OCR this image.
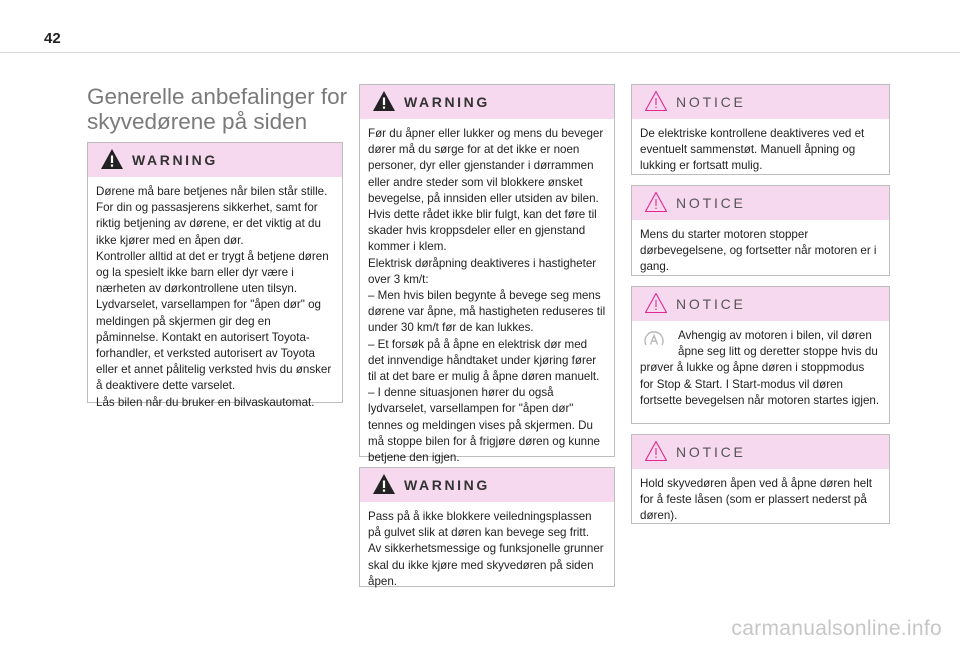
42
Generelle anbefalinger for
skyvedørene på siden
WARNING

Dørene må bare betjenes når bilen står stille. For din og passasjerens sikkerhet, samt for riktig betjening av dørene, er det viktig at du ikke kjører med en åpen dør.

Kontroller alltid at det er trygt å betjene døren og la spesielt ikke barn eller dyr være i nærheten av dørkontrollene uten tilsyn.

Lydvarselet, varsellampen for "åpen dør" og meldingen på skjermen gir deg en påminnelse. Kontakt en autorisert Toyota-forhandler, et verksted autorisert av Toyota eller et annet pålitelig verksted hvis du ønsker å deaktivere dette varselet.

Lås bilen når du bruker en bilvaskautomat.

WARNING

Før du åpner eller lukker og mens du beveger dører må du sørge for at det ikke er noen personer, dyr eller gjenstander i dørrammen eller andre steder som vil blokkere ønsket bevegelse, på innsiden eller utsiden av bilen. Hvis dette rådet ikke blir fulgt, kan det føre til skader hvis kroppsdeler eller en gjenstand kommer i klem.

Elektrisk døråpning deaktiveres i hastigheter over 3 km/t:

– Men hvis bilen begynte å bevege seg mens dørene var åpne, må hastigheten reduseres til under 30 km/t før de kan lukkes.

– Et forsøk på å åpne en elektrisk dør med det innvendige håndtaket under kjøring fører til at det bare er mulig å åpne døren manuelt.

– I denne situasjonen hører du også lydvarselet, varsellampen for "åpen dør" tennes og meldingen vises på skjermen. Du må stoppe bilen for å frigjøre døren og kunne betjene den igjen.

WARNING

Pass på å ikke blokkere veiledningsplassen på gulvet slik at døren kan bevege seg fritt.

Av sikkerhetsmessige og funksjonelle grunner skal du ikke kjøre med skyvedøren på siden åpen.

NOTICE

De elektriske kontrollene deaktiveres ved et eventuelt sammenstøt. Manuell åpning og lukking er fortsatt mulig.

NOTICE

Mens du starter motoren stopper dørbevegelsene, og fortsetter når motoren er i gang.

NOTICE

Avhengig av motoren i bilen, vil døren åpne seg litt og deretter stoppe hvis du prøver å lukke og åpne døren i stoppmodus for Stop & Start. I Start-modus vil døren fortsette bevegelsen når motoren startes igjen.

NOTICE

Hold skyvedøren åpen ved å åpne døren helt for å feste låsen (som er plassert nederst på døren).

carmanualsonline.info
